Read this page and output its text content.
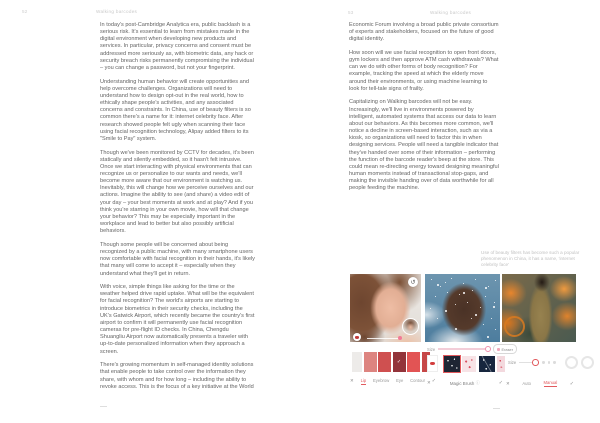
52	Walking barcodes	53	Walking barcodes

In today's post-Cambridge Analytica era, public backlash is a serious risk. It's essential to learn from mistakes made in the digital environment when developing new products and services. In particular, privacy concerns and consent must be addressed more seriously as, with biometric data, any hack or security breach risks permanently compromising the individual – you can change a password, but not your fingerprint.

Understanding human behavior will create opportunities and help overcome challenges. Organizations will need to understand how to design opt-out in the real world, how to ethically shape people's activities, and any associated concerns and constraints. In China, use of beauty filters is so common there's a name for it: internet celebrity face. After research showed people felt ugly when scanning their face using facial recognition technology, Alipay added filters to its "Smile to Pay" system.

Though we've been monitored by CCTV for decades, it's been statically and silently embedded, so it hasn't felt intrusive. Once we start interacting with physical environments that can recognize us or personalize to our wants and needs, we'll become more aware that our environment is watching us. Inevitably, this will change how we perceive ourselves and our actions. Imagine the ability to see (and share) a video edit of your day – your best moments at work and at play? And if you think you're starring in your own movie, how will that change your behavior? This may be especially important in the workplace and lead to better but also possibly artificial behaviors.

Though some people will be concerned about being recognized by a public machine, with many smartphone users now comfortable with facial recognition in their hands, it's likely that many will come to accept it – especially when they understand what they'll get in return.

With voice, simple things like asking for the time or the weather helped drive rapid uptake. What will be the equivalent for facial recognition? The world's airports are starting to introduce biometrics in their security checks, including the UK's Gatwick Airport, which recently became the country's first airport to confirm it will permanently use facial recognition cameras for pre-flight ID checks. In China, Chengdu Shuangliu Airport now automatically presents a traveler with up-to-date personalized information when they approach a screen.

There's growing momentum in self-managed identity solutions that enable people to take control over the information they share, with whom and for how long – including the ability to revoke access. This is the focus of a key initiative at the World

Economic Forum involving a broad public private consortium of experts and stakeholders, focused on the future of good digital identity.

How soon will we use facial recognition to open front doors, gym lockers and then approve ATM cash withdrawals? What can we do with other forms of body recognition? For example, tracking the speed at which the elderly move around their environments, or using machine learning to look for tell-tale signs of frailty.

Capitalizing on Walking barcodes will not be easy. Increasingly, we'll live in environments powered by intelligent, automated systems that access our data to learn about our behaviors. As this becomes more common, we'll notice a decline in screen-based interaction, such as via a kiosk, so organizations will need to factor this in when designing services. People will need a tangible indicator that they've handed over some of their information – performing the function of the barcode reader's beep at the store. This could mean re-directing energy toward designing meaningful human moments instead of transactional stop-gaps, and making the invisible handing over of data worthwhile for all people feeding the machine.

Use of beauty filters has become such a popular phenomenon in China, it has a name, 'internet celebrity face'
↺
✓
✕ Lip Eyebrow Eye Contour ✓
Size	Eraser
✕	Magic Brush ⓘ	✓
Size
✕	Auto	Manual	✓
